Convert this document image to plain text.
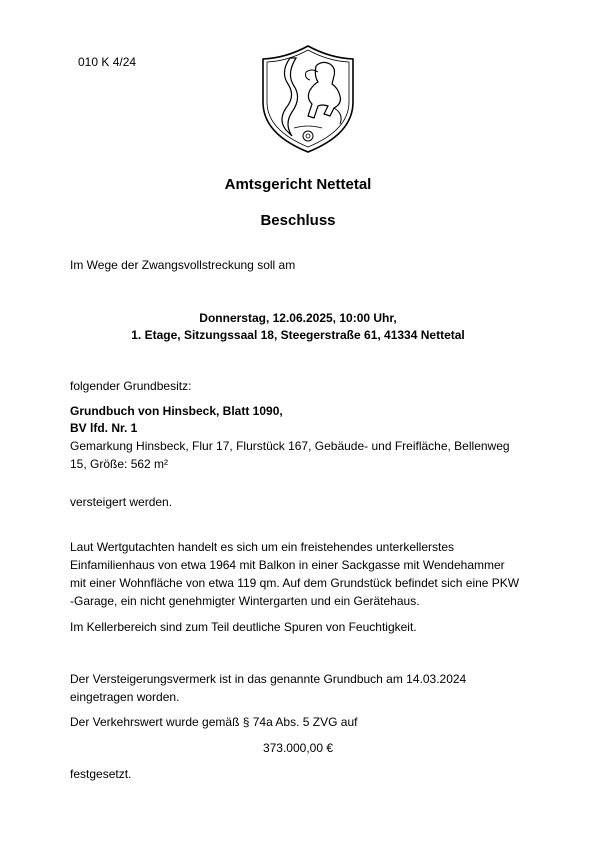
010 K 4/24
Amtsgericht Nettetal
Beschluss
Im Wege der Zwangsvollstreckung soll am
Donnerstag, 12.06.2025, 10:00 Uhr,
1. Etage, Sitzungssaal 18, Steegerstraße 61, 41334 Nettetal
folgender Grundbesitz:
Grundbuch von Hinsbeck, Blatt 1090,
BV lfd. Nr. 1
Gemarkung Hinsbeck, Flur 17, Flurstück 167, Gebäude- und Freifläche, Bellenweg
15, Größe: 562 m²
versteigert werden.
Laut Wertgutachten handelt es sich um ein freistehendes unterkellerstes
Einfamilienhaus von etwa 1964 mit Balkon in einer Sackgasse mit Wendehammer
mit einer Wohnfläche von etwa 119 qm. Auf dem Grundstück befindet sich eine PKW
-Garage, ein nicht genehmigter Wintergarten und ein Gerätehaus.
Im Kellerbereich sind zum Teil deutliche Spuren von Feuchtigkeit.
Der Versteigerungsvermerk ist in das genannte Grundbuch am 14.03.2024
eingetragen worden.
Der Verkehrswert wurde gemäß § 74a Abs. 5 ZVG auf
373.000,00 €
festgesetzt.
